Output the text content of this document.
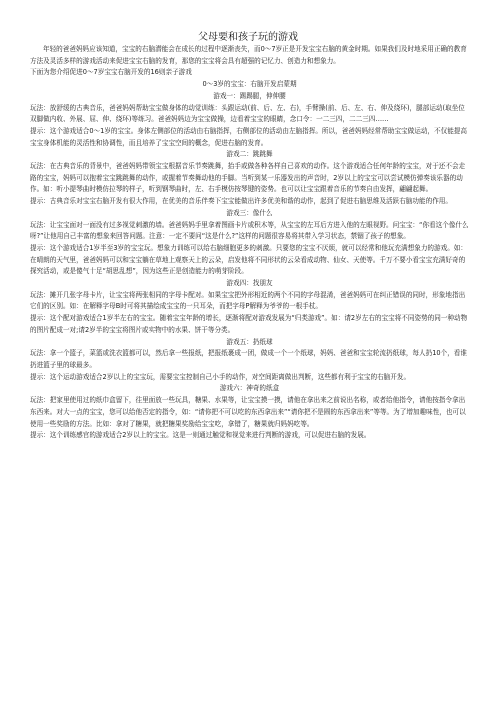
父母要和孩子玩的游戏

年轻的爸爸妈妈应该知道，宝宝的右脑潜能会在成长的过程中逐渐丧失，而0～7岁正是开发宝宝右脑的黄金时期。如果我们及时地采用正确的教育方法及灵活多样的游戏活动来促进宝宝右脑的发育，那您的宝宝将会具有超强的记忆力、创造力和想象力。

下面为您介绍促进0～7岁宝宝右脑开发的16则亲子游戏

0～3岁的宝宝：右脑开发启蒙期

游戏一：踢踢腿，伸伸腰

玩法：放舒缓的古典音乐，爸爸妈妈帮助宝宝做身体的动觉训练：头跟运动(前、后、左、右)，手臂操(前、后、左、右、伸及绕环)，腿部运动(取坐位双脚做内收、外展、屈、伸、绕环)等练习。爸爸妈妈边为宝宝做操，边看着宝宝的眼睛，念口令：一二三四，二二三四……

提示：这个游戏适合0～1岁的宝宝。身体左侧部位的活动由右脑指挥，右侧部位的活动由左脑指挥。所以，爸爸妈妈经常帮助宝宝做运动，不仅能提高宝宝身体机能的灵活性和协调性，而且培养了宝宝空间的概念，促进右脑的发育。

游戏二：跳跳舞

玩法：在古典音乐的背景中，爸爸妈妈带领宝宝根据音乐节奏跳舞，抬手或做各种各样自己喜欢的动作。这个游戏适合任何年龄的宝宝，对于还不会走路的宝宝，妈妈可以抱着宝宝跳跳舞的动作，或握着节奏舞动他的手脚。当听到某一乐器发出的声音时，2岁以上的宝宝可以尝试模仿弹奏该乐器的动作。如：听小提琴曲时模仿拉琴的样子，听到钢琴曲时，左、右手模仿按琴键的姿势。也可以让宝宝跟着音乐的节奏自由发挥，翩翩起舞。

提示：古典音乐对宝宝右脑开发有很大作用，在优美的音乐伴奏下宝宝能做出许多优美和谐的动作，起到了促进右脑思维及活跃右脑功能的作用。

游戏三：像什么

玩法：让宝宝面对一面没有过多视觉刺激的墙。爸爸妈妈手里拿着图画卡片或积木等，从宝宝的左耳后方进入他的左眼视野。问宝宝：“你看这个像什么呀?”让他用自己丰富的想象来回答问题。注意：一定不要问“这是什么?”这样的问题很容易将其带入学习状态，禁锢了孩子的想象。

提示：这个游戏适合1岁半至3岁的宝宝玩。想象力训练可以给右脑细胞更多的刺激。只要您的宝宝不厌烦，就可以经常和他玩充满想象力的游戏。如：在晴朗的天气里，爸爸妈妈可以和宝宝躺在草地上观察天上的云朵，启发他将不同形状的云朵看成动物、仙女、天使等。千万不要小看宝宝充满好奇的探究活动，或是傻气十足“胡思乱想”，因为这些正是创造能力的萌芽阶段。

游戏四：找朋友

玩法：摊开几张字母卡片，让宝宝将两张相同的字母卡配对。如果宝宝把外形相近的两个不同的字母混淆，爸爸妈妈可在纠正错误的同时，形象地指出它们的区别。如：在解释字母B时可将其描绘成宝宝的一只耳朵，而把字母P解释为爷爷的一根手杖。

提示：这个配对游戏适合1岁半左右的宝宝。随着宝宝年龄的增长，逐渐将配对游戏发展为“归类游戏”。如：请2岁左右的宝宝将不同姿势的同一种动物的图片配成一对;请2岁半的宝宝将图片或实物中的水果、饼干等分类。

游戏五：扔纸球

玩法：拿一个篮子，菜篮或洗衣篮都可以，然后拿一些报纸，把报纸裹成一团，做成一个一个纸球，妈妈、爸爸和宝宝轮流扔纸球，每人扔10个，看谁扔进篮子里的球最多。

提示：这个运动游戏适合2岁以上的宝宝玩，需要宝宝控制自己小手的动作，对空间距离做出判断，这些都有利于宝宝的右脑开发。

游戏六：神奇的纸盒

玩法：把家里使用过的纸巾盒留下，往里面放一些玩具，糖果、水果等，让宝宝摸一摸，请他在拿出来之前说出名称，或者给他指令，请他按指令拿出东西来。对大一点的宝宝，您可以给他否定的指令，如：“请你把不可以吃的东西拿出来”“请你把不是圆的东西拿出来”等等。为了增加趣味性，也可以使用一些奖励的方法。比如：拿对了糖果，就把糖果奖励给宝宝吃，拿错了，糖果就归妈妈吃等。

提示：这个训练感官的游戏适合2岁以上的宝宝。这是一则通过触觉和视觉来进行判断的游戏，可以促进右脑的发展。
